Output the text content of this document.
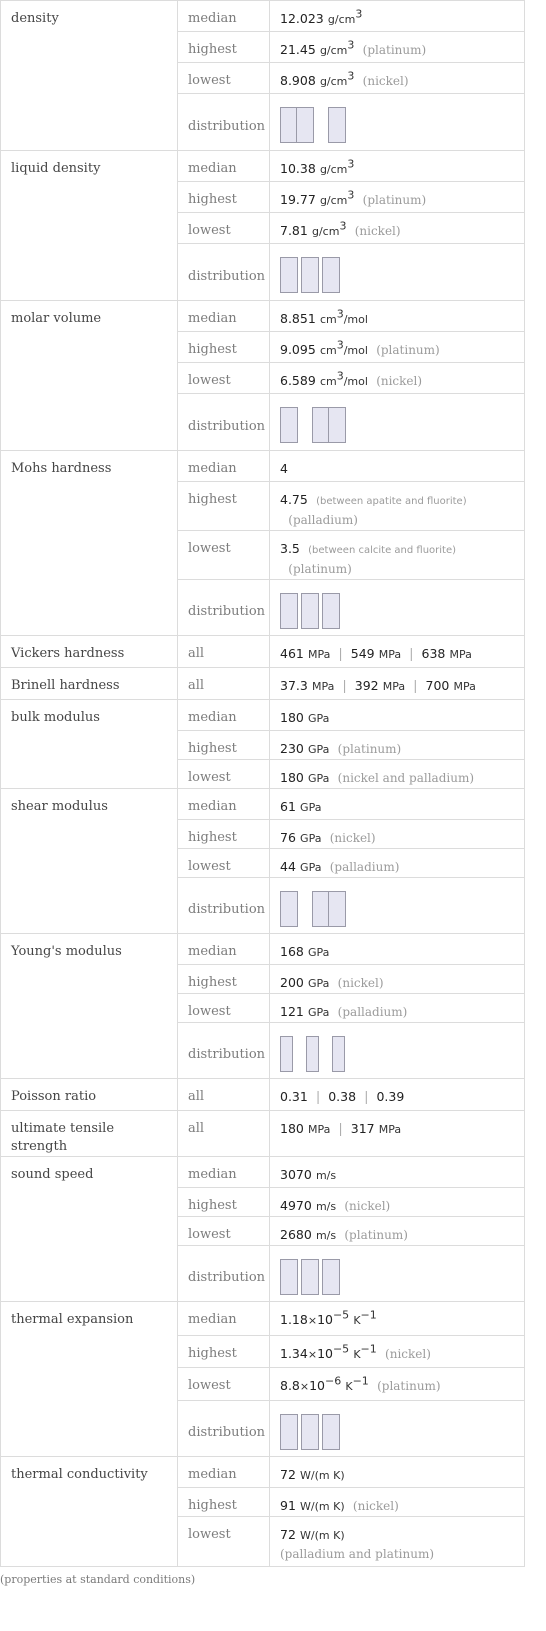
density	median	12.023 $g/cm^3$
	highest	21.45 $g/cm^3$ (platinum)
	lowest	8.908 $g/cm^3$ (nickel)
	distribution	

liquid density	median	10.38 $g/cm^3$
	highest	19.77 $g/cm^3$ (platinum)
	lowest	7.81 $g/cm^3$ (nickel)
	distribution	

molar volume	median	8.851 $cm^3$/mol
	highest	9.095 $cm^3$/mol (platinum)
	lowest	6.589 $cm^3$/mol (nickel)
	distribution	

Mohs hardness	median	4
	highest	4.75 (between apatite and fluorite)
(palladium)
	lowest	3.5 (between calcite and fluorite)
(platinum)
	distribution	

Vickers hardness	all	461 MPa | 549 MPa | 638 MPa
Brinell hardness	all	37.3 MPa | 392 MPa | 700 MPa
bulk modulus	median	180 GPa
	highest	230 GPa (platinum)
	lowest	180 GPa (nickel and palladium)
shear modulus	median	61 GPa
	highest	76 GPa (nickel)
	lowest	44 GPa (palladium)
	distribution	

Young's modulus	median	168 GPa
	highest	200 GPa (nickel)
	lowest	121 GPa (palladium)
	distribution	

Poisson ratio	all	0.31 | 0.38 | 0.39
ultimate tensile strength	all	180 MPa | 317 MPa
sound speed	median	3070 m/s
	highest	4970 m/s (nickel)
	lowest	2680 m/s (platinum)
	distribution	

thermal expansion	median	$1.18\times 10^{-5}$ $K^{-1}$
	highest	$1.34\times 10^{-5}$ $K^{-1}$ (nickel)
	lowest	$8.8\times 10^{-6}$ $K^{-1}$ (platinum)
	distribution	

thermal conductivity	median	72 W/(m K)
	highest	91 W/(m K) (nickel)
	lowest	72 W/(m K)
(palladium and platinum)
(properties at standard conditions)
